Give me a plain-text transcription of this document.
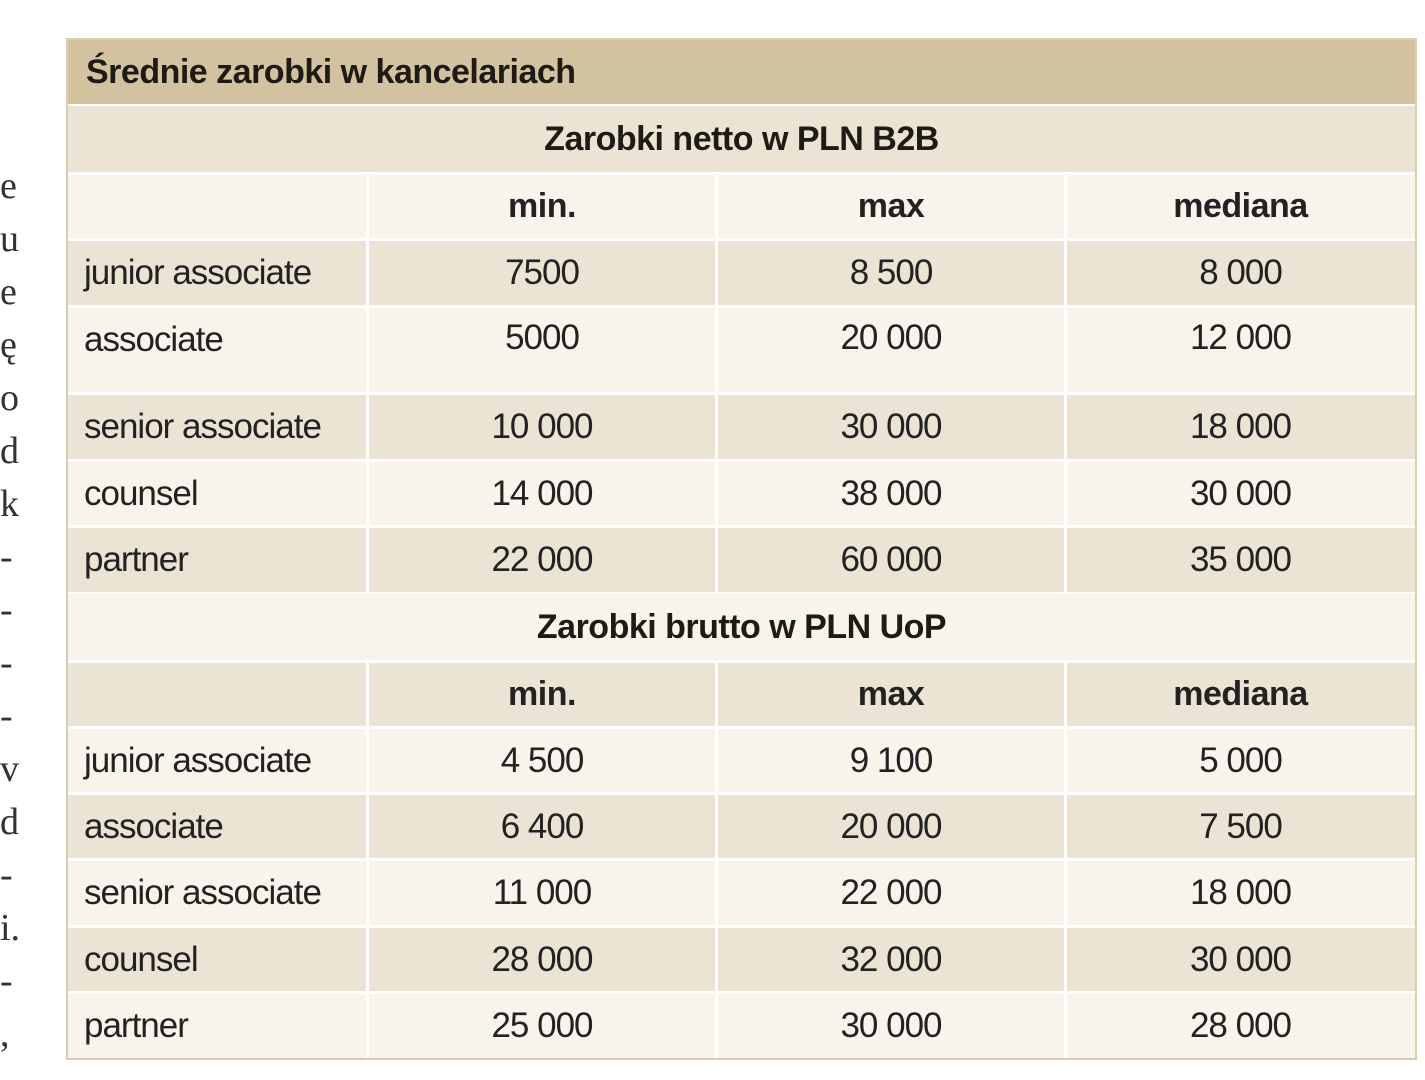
e
u
e
ę
o
d
k
-
-
-
-
v
d
-
i.
-
,
Średnie zarobki w kancelariach
Zarobki netto w PLN B2B
min.	max	mediana
junior associate	7500	8 500	8 000
associate	5000	20 000	12 000
senior associate	10 000	30 000	18 000
counsel	14 000	38 000	30 000
partner	22 000	60 000	35 000
Zarobki brutto w PLN UoP
min.	max	mediana
junior associate	4 500	9 100	5 000
associate	6 400	20 000	7 500
senior associate	11 000	22 000	18 000
counsel	28 000	32 000	30 000
partner	25 000	30 000	28 000
